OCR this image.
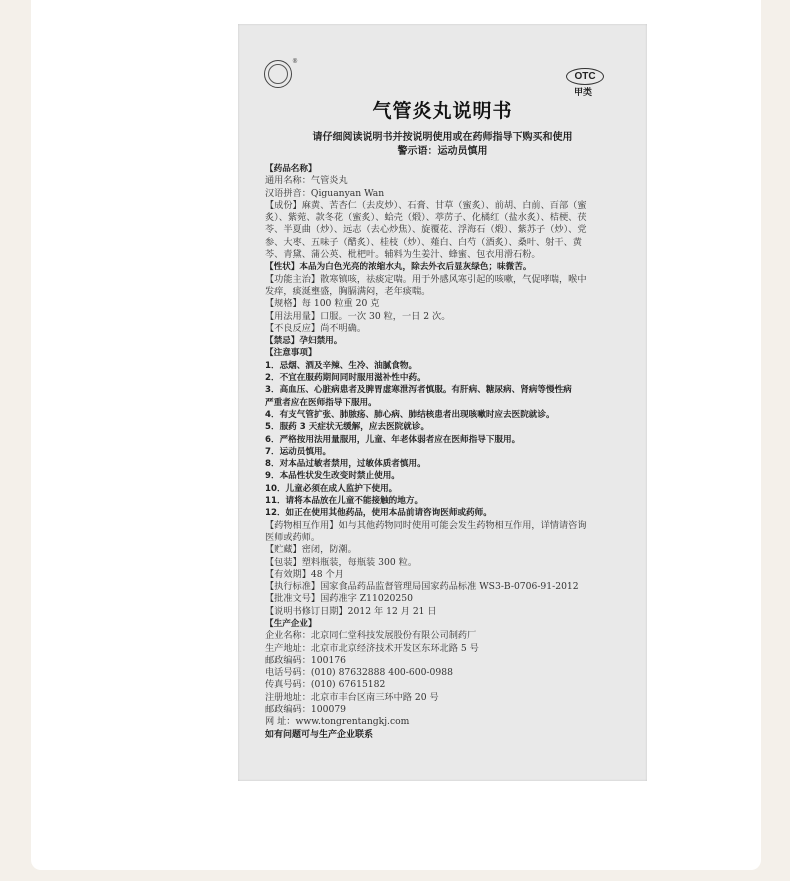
®
OTC
甲类
气管炎丸说明书
请仔细阅读说明书并按说明使用或在药师指导下购买和使用
警示语：运动员慎用
【药品名称】
通用名称：气管炎丸
汉语拼音：Qiguanyan Wan
【成份】麻黄、苦杏仁（去皮炒）、石膏、甘草（蜜炙）、前胡、白前、百部（蜜
炙）、紫菀、款冬花（蜜炙）、蛤壳（煅）、葶苈子、化橘红（盐水炙）、桔梗、茯
苓、半夏曲（炒）、远志（去心炒焦）、旋覆花、浮海石（煅）、紫苏子（炒）、党
参、大枣、五味子（醋炙）、桂枝（炒）、薤白、白芍（酒炙）、桑叶、射干、黄
芩、青黛、蒲公英、枇杷叶。辅料为生姜汁、蜂蜜、包衣用滑石粉。
【性状】本品为白色光亮的浓缩水丸，除去外衣后显灰绿色；味微苦。
【功能主治】散寒镇咳，祛痰定喘。用于外感风寒引起的咳嗽，气促哮喘，喉中
发痒，痰涎壅盛，胸膈满闷，老年痰喘。
【规格】每 100 粒重 20 克
【用法用量】口服。一次 30 粒，一日 2 次。
【不良反应】尚不明确。
【禁忌】孕妇禁用。
【注意事项】
1．忌烟、酒及辛辣、生冷、油腻食物。
2．不宜在服药期间同时服用滋补性中药。
3．高血压、心脏病患者及脾胃虚寒泄泻者慎服。有肝病、糖尿病、肾病等慢性病
严重者应在医师指导下服用。
4．有支气管扩张、肺脓疡、肺心病、肺结核患者出现咳嗽时应去医院就诊。
5．服药 3 天症状无缓解，应去医院就诊。
6．严格按用法用量服用，儿童、年老体弱者应在医师指导下服用。
7．运动员慎用。
8．对本品过敏者禁用，过敏体质者慎用。
9．本品性状发生改变时禁止使用。
10．儿童必须在成人监护下使用。
11．请将本品放在儿童不能接触的地方。
12．如正在使用其他药品，使用本品前请咨询医师或药师。
【药物相互作用】如与其他药物同时使用可能会发生药物相互作用，详情请咨询
医师或药师。
【贮藏】密闭，防潮。
【包装】塑料瓶装，每瓶装 300 粒。
【有效期】48 个月
【执行标准】国家食品药品监督管理局国家药品标准 WS3-B-0706-91-2012
【批准文号】国药准字 Z11020250
【说明书修订日期】2012 年 12 月 21 日
【生产企业】
企业名称：北京同仁堂科技发展股份有限公司制药厂
生产地址：北京市北京经济技术开发区东环北路 5 号
邮政编码：100176
电话号码：(010) 87632888 400-600-0988
传真号码：(010) 67615182
注册地址：北京市丰台区南三环中路 20 号
邮政编码：100079
网 址：www.tongrentangkj.com
如有问题可与生产企业联系
